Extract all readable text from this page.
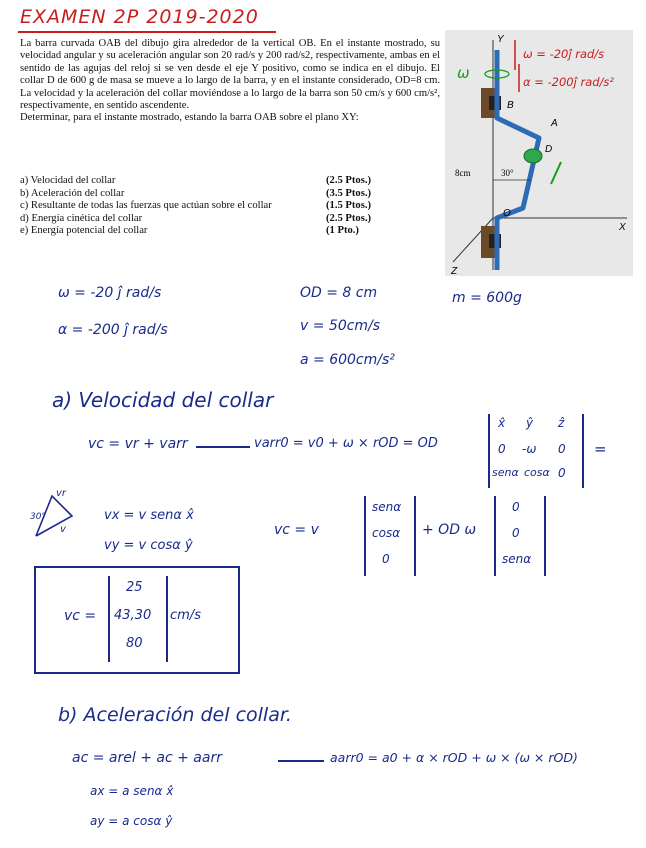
EXAMEN 2P 2019-2020

La barra curvada OAB del dibujo gira alrededor de la vertical OB. En el instante mostrado, su velocidad angular y su aceleración angular son 20 rad/s y 200 rad/s2, respectivamente, ambas en el sentido de las agujas del reloj si se ven desde el eje Y positivo, como se indica en el dibujo. El collar D de 600 g de masa se mueve a lo largo de la barra, y en el instante considerado, OD=8 cm. La velocidad y la aceleración del collar moviéndose a lo largo de la barra son 50 cm/s y 600 cm/s², respectivamente, en sentido ascendente.

Determinar, para el instante mostrado, estando la barra OAB sobre el plano XY:

a) Velocidad del collar	(2.5 Ptos.)
b) Aceleración del collar	(3.5 Ptos.)
c) Resultante de todas las fuerzas que actúan sobre el collar	(1.5 Ptos.)
d) Energía cinética del collar	(2.5 Ptos.)
e) Energía potencial del collar	(1 Pto.)
Y
X
Z
B
A
D
O
8cm	30°
ω
ω = -20ĵ rad/s
α = -200ĵ rad/s²
ω = -20 ĵ rad/s
α = -200 ĵ rad/s
OD = 8 cm
v = 50cm/s
a = 600cm/s²
m = 600g
a) Velocidad del collar
vc = vr + varr	varr0 = v0 + ω × rOD = OD
x̂ ŷ ẑ
0 -ω 0
senα cosα 0
=
vr
v
30°	vx = v senα x̂
vy = v cosα ŷ
vc = v
senα
cosα
0
+ OD ω
0
0
senα
vc =
25
43,30
80
cm/s
b) Aceleración del collar.
ac = arel + ac + aarr	aarr0 = a0 + α × rOD + ω × (ω × rOD)
ax = a senα x̂
ay = a cosα ŷ
